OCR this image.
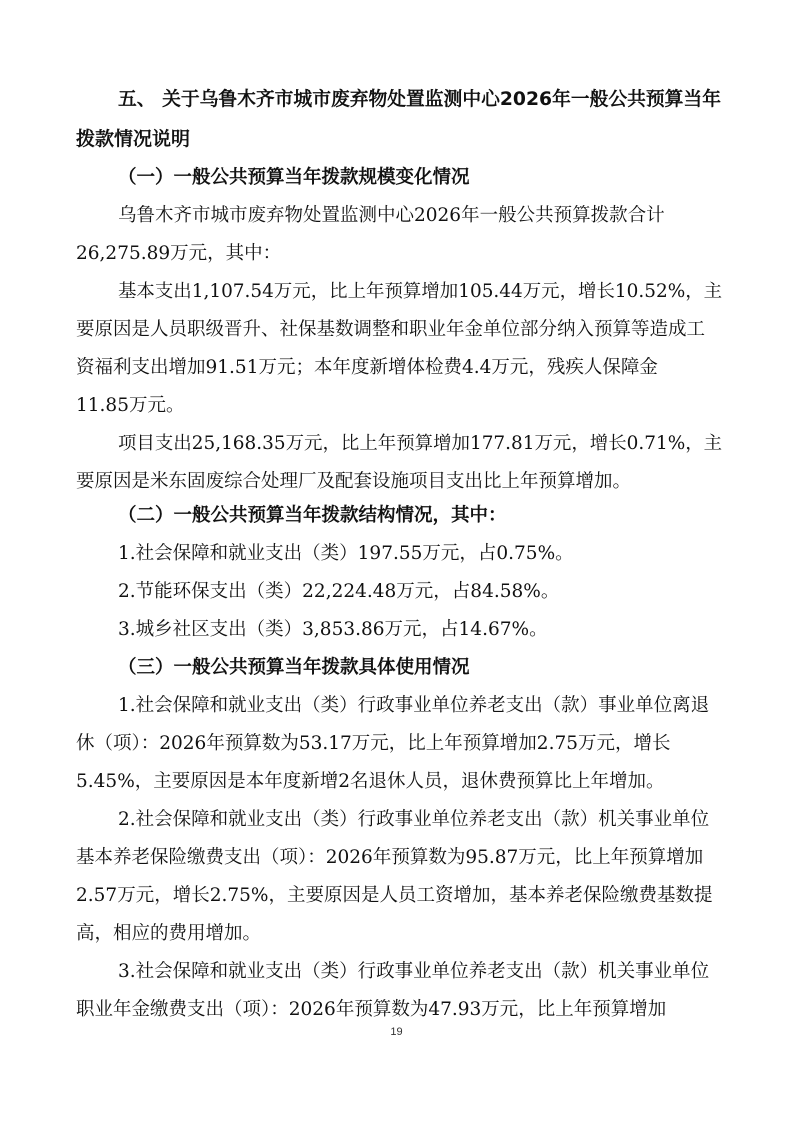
五、 关于乌鲁木齐市城市废弃物处置监测中心2026年一般公共预算当年
拨款情况说明
（一）一般公共预算当年拨款规模变化情况
乌鲁木齐市城市废弃物处置监测中心2026年一般公共预算拨款合计
26,275.89万元，其中：
基本支出1,107.54万元，比上年预算增加105.44万元，增长10.52%，主
要原因是人员职级晋升、社保基数调整和职业年金单位部分纳入预算等造成工
资福利支出增加91.51万元；本年度新增体检费4.4万元，残疾人保障金
11.85万元。
项目支出25,168.35万元，比上年预算增加177.81万元，增长0.71%，主
要原因是米东固废综合处理厂及配套设施项目支出比上年预算增加。
（二）一般公共预算当年拨款结构情况，其中：
1.社会保障和就业支出（类）197.55万元，占0.75%。
2.节能环保支出（类）22,224.48万元，占84.58%。
3.城乡社区支出（类）3,853.86万元，占14.67%。
（三）一般公共预算当年拨款具体使用情况
1.社会保障和就业支出（类）行政事业单位养老支出（款）事业单位离退
休（项）：2026年预算数为53.17万元，比上年预算增加2.75万元，增长
5.45%，主要原因是本年度新增2名退休人员，退休费预算比上年增加。
2.社会保障和就业支出（类）行政事业单位养老支出（款）机关事业单位
基本养老保险缴费支出（项）：2026年预算数为95.87万元，比上年预算增加
2.57万元，增长2.75%，主要原因是人员工资增加，基本养老保险缴费基数提
高，相应的费用增加。
3.社会保障和就业支出（类）行政事业单位养老支出（款）机关事业单位
职业年金缴费支出（项）：2026年预算数为47.93万元，比上年预算增加
19
